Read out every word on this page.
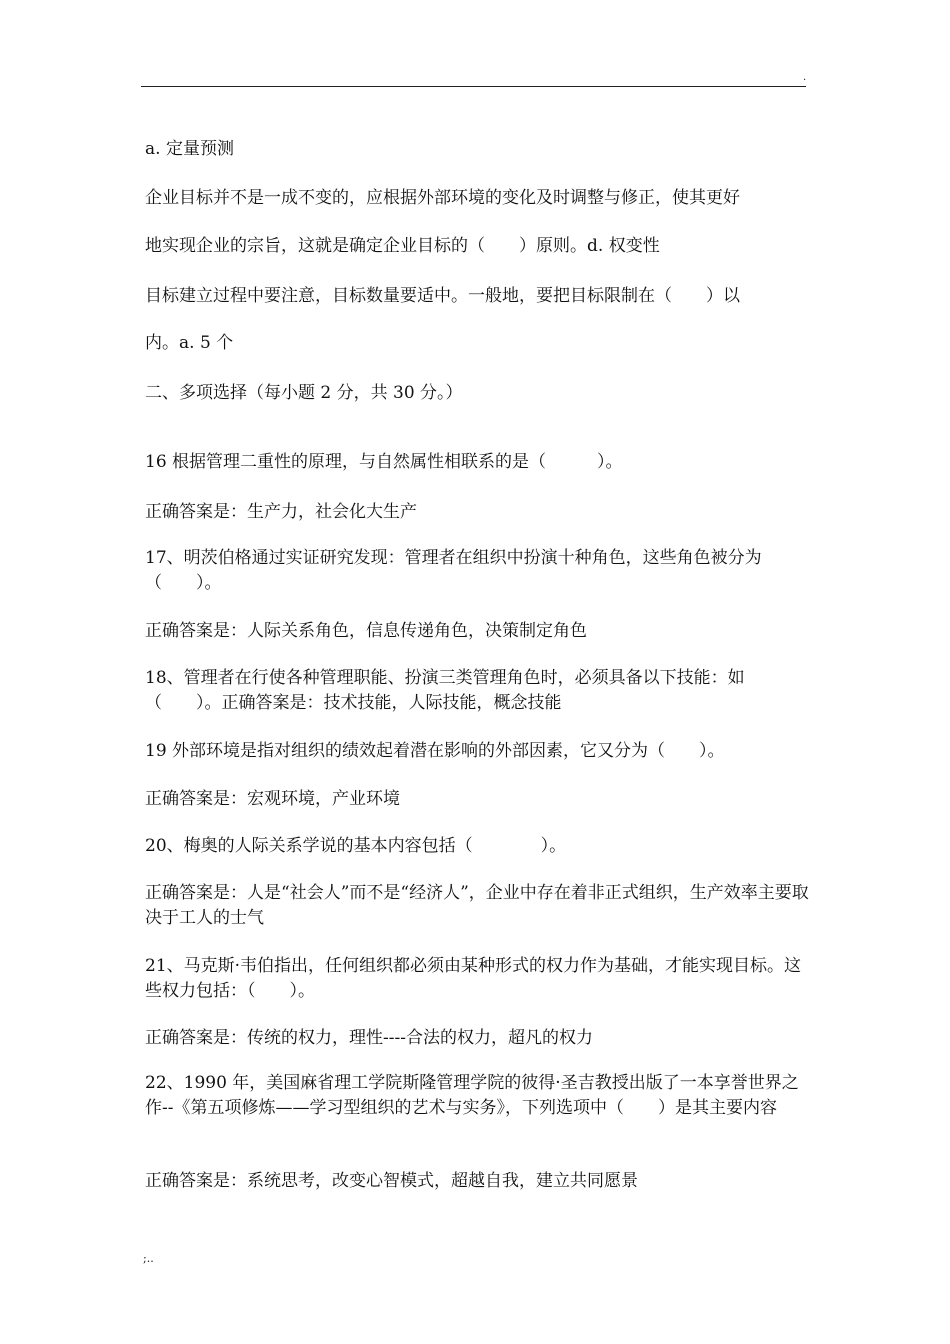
.
a. 定量预测
企业目标并不是一成不变的，应根据外部环境的变化及时调整与修正，使其更好
地实现企业的宗旨，这就是确定企业目标的（　　）原则。d. 权变性
目标建立过程中要注意，目标数量要适中。一般地，要把目标限制在（　　）以
内。a. 5 个
二、多项选择（每小题 2 分，共 30 分。）
16 根据管理二重性的原理，与自然属性相联系的是（　　　）。
正确答案是：生产力，社会化大生产
17、明茨伯格通过实证研究发现：管理者在组织中扮演十种角色，这些角色被分为（　　）。
正确答案是：人际关系角色，信息传递角色，决策制定角色
18、管理者在行使各种管理职能、扮演三类管理角色时，必须具备以下技能：如（　　）。正确答案是：技术技能，人际技能，概念技能
19 外部环境是指对组织的绩效起着潜在影响的外部因素，它又分为（　　）。
正确答案是：宏观环境，产业环境
20、梅奥的人际关系学说的基本内容包括（　　　　）。
正确答案是：人是“社会人”而不是“经济人”，企业中存在着非正式组织，生产效率主要取决于工人的士气
21、马克斯·韦伯指出，任何组织都必须由某种形式的权力作为基础，才能实现目标。这些权力包括：（　　）。
正确答案是：传统的权力，理性----合法的权力，超凡的权力
22、1990 年，美国麻省理工学院斯隆管理学院的彼得·圣吉教授出版了一本享誉世界之作--《第五项修炼——学习型组织的艺术与实务》，下列选项中（　　）是其主要内容
正确答案是：系统思考，改变心智模式，超越自我，建立共同愿景
;..
